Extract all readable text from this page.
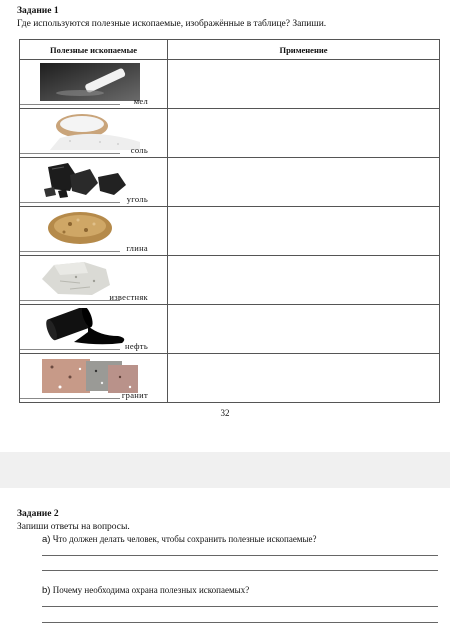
Задание 1
Где используются полезные ископаемые, изображённые в таблице? Запиши.
Полезные ископаемые	Применение

мел	

соль	

уголь	

глина	

известняк	

нефть	

гранит	

32
Задание 2
Запиши ответы на вопросы.
a) Что должен делать человек, чтобы сохранить полезные ископаемые?
b) Почему необходима охрана полезных ископаемых?
